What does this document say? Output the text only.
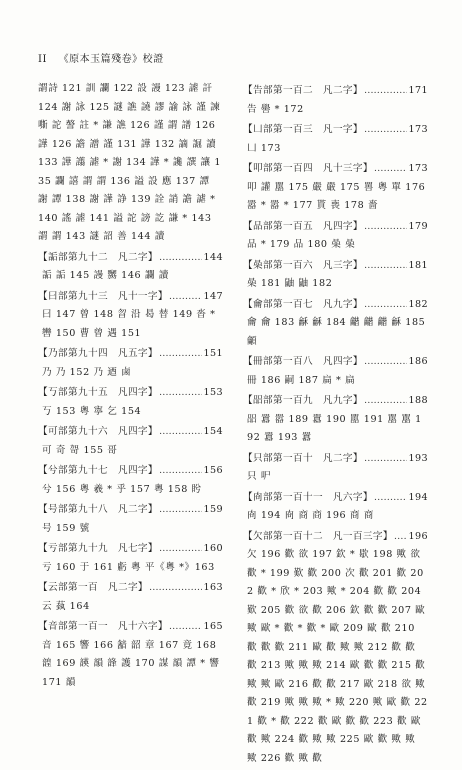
II 《原本玉篇殘卷》校證
謂詩 121 訓 讕 122 設 謾 123 謔 訐 124 謝 詠 125 謎 譙 譊 謬 諭 詠 謹 諫 嘶 詑 謷 註 * 謙 譙 126 謹 謂 譜 126 譁 126 譫 譄 謹 131 譁 132 謫 誳 讀 133 譁 譾 謔 * 謝 134 譁 * 讒 譔 讓 135 讕 譆 謂 謂 136 謚 設 應 137 譚 謝 譚 138 謝 譁 諍 139 詮 誚 譫 謔 * 140 謠 謔 141 謚 詑 謗 訖 謙 * 143 謂 謂 143 謎 詔 善 144 讀
【詬部第九十二　凡二字】 …………………………………………………………………………………	144
詬 詬 145 謾 嬲 146 讕 讀
【曰部第九十三　凡十一字】 …………………………………………………………………………………	147
曰 147 曾 148 曶 沿 曷 替 149 沓 * 轡 150 曹 曾 遇 151
【乃部第九十四　凡五字】 …………………………………………………………………………………	151
乃 乃 152 乃 迺 鹵
【丂部第九十五　凡四字】 …………………………………………………………………………………	153
丂 153 粵 寧 乞 154
【可部第九十六　凡四字】 …………………………………………………………………………………	154
可 奇 哿 155 哥
【兮部第九十七　凡四字】 …………………………………………………………………………………	156
兮 156 粵 羲 * 乎 157 粵 158 盻
【号部第九十八　凡二字】 …………………………………………………………………………………	159
号 159 號
【亏部第九十九　凡七字】 …………………………………………………………………………………	160
亏 160 于 161 虧 粵 平《粵 *》163
【云部第一百　凡二字】 …………………………………………………………………………………	163
云 蓺 164
【音部第一百一　凡十六字】 …………………………………………………………………………………	165
音 165 響 166 韽 韶 章 167 竟 168 韹 169 韺 韻 韸 護 170 謀 韻 譚 * 響 171 韻
【告部第一百二　凡二字】 …………………………………………………………………………………	171
告 嚳 * 172
【凵部第一百三　凡一字】 …………………………………………………………………………………	173
凵 173
【叩部第一百四　凡十三字】 …………………………………………………………………………………	173
叩 讙 嚚 175 嚴 嚴 175 嘼 粵 單 176 嚣 * 嚣 * 177 貰 喪 178 嗇
【品部第一百五　凡四字】 …………………………………………………………………………………	179
品 * 179 品 180 喿 喿
【喿部第一百六　凡三字】 …………………………………………………………………………………	181
喿 181 鼬 鼬 182
【龠部第一百七　凡九字】 …………………………………………………………………………………	182
龠 龠 183 龢 龢 184 龤 龤 龤 龢 185 龥
【冊部第一百八　凡四字】 …………………………………………………………………………………	186
冊 186 嗣 187 扁 * 扁
【㗊部第一百九　凡九字】 …………………………………………………………………………………	188
㗊 囂 嚣 189 囂 190 嚚 191 嚚 嚚 192 囂 193 囂
【只部第一百十　凡二字】 …………………………………………………………………………………	193
只 㕧
【㕯部第一百十一　凡六字】 …………………………………………………………………………………	194
㕯 194 㕯 商 商 196 商 商
【欠部第一百十二　凡一百三字】 ………………………………………………………………………………… 196
欠 196 歡 欲 197 欽 * 歇 198 歟 欲 歡 * 199 歎 歡 200 次 歡 201 歡 202 歡 * 欣 * 203 歟 * 204 歡 歡 204 歎 205 歡 欲 歡 206 欽 歡 歡 207 歐 歟 歐 * 歡 * 歡 * 歐 209 歐 歡 210 歡 歡 歡 211 歐 歡 歟 歟 212 歡 歡 歡 213 歟 歟 歟 214 歐 歡 歡 215 歡 歟 歟 歐 216 歡 歡 217 歐 218 欲 歟 歡 219 歟 歟 歟 * 歟 220 歟 歐 歡 221 歡 * 歡 222 歡 歐 歡 歡 223 歡 歐 歡 歟 224 歡 歟 歟 225 歐 歡 歟 歟 歟 226 歡 歟 歡
